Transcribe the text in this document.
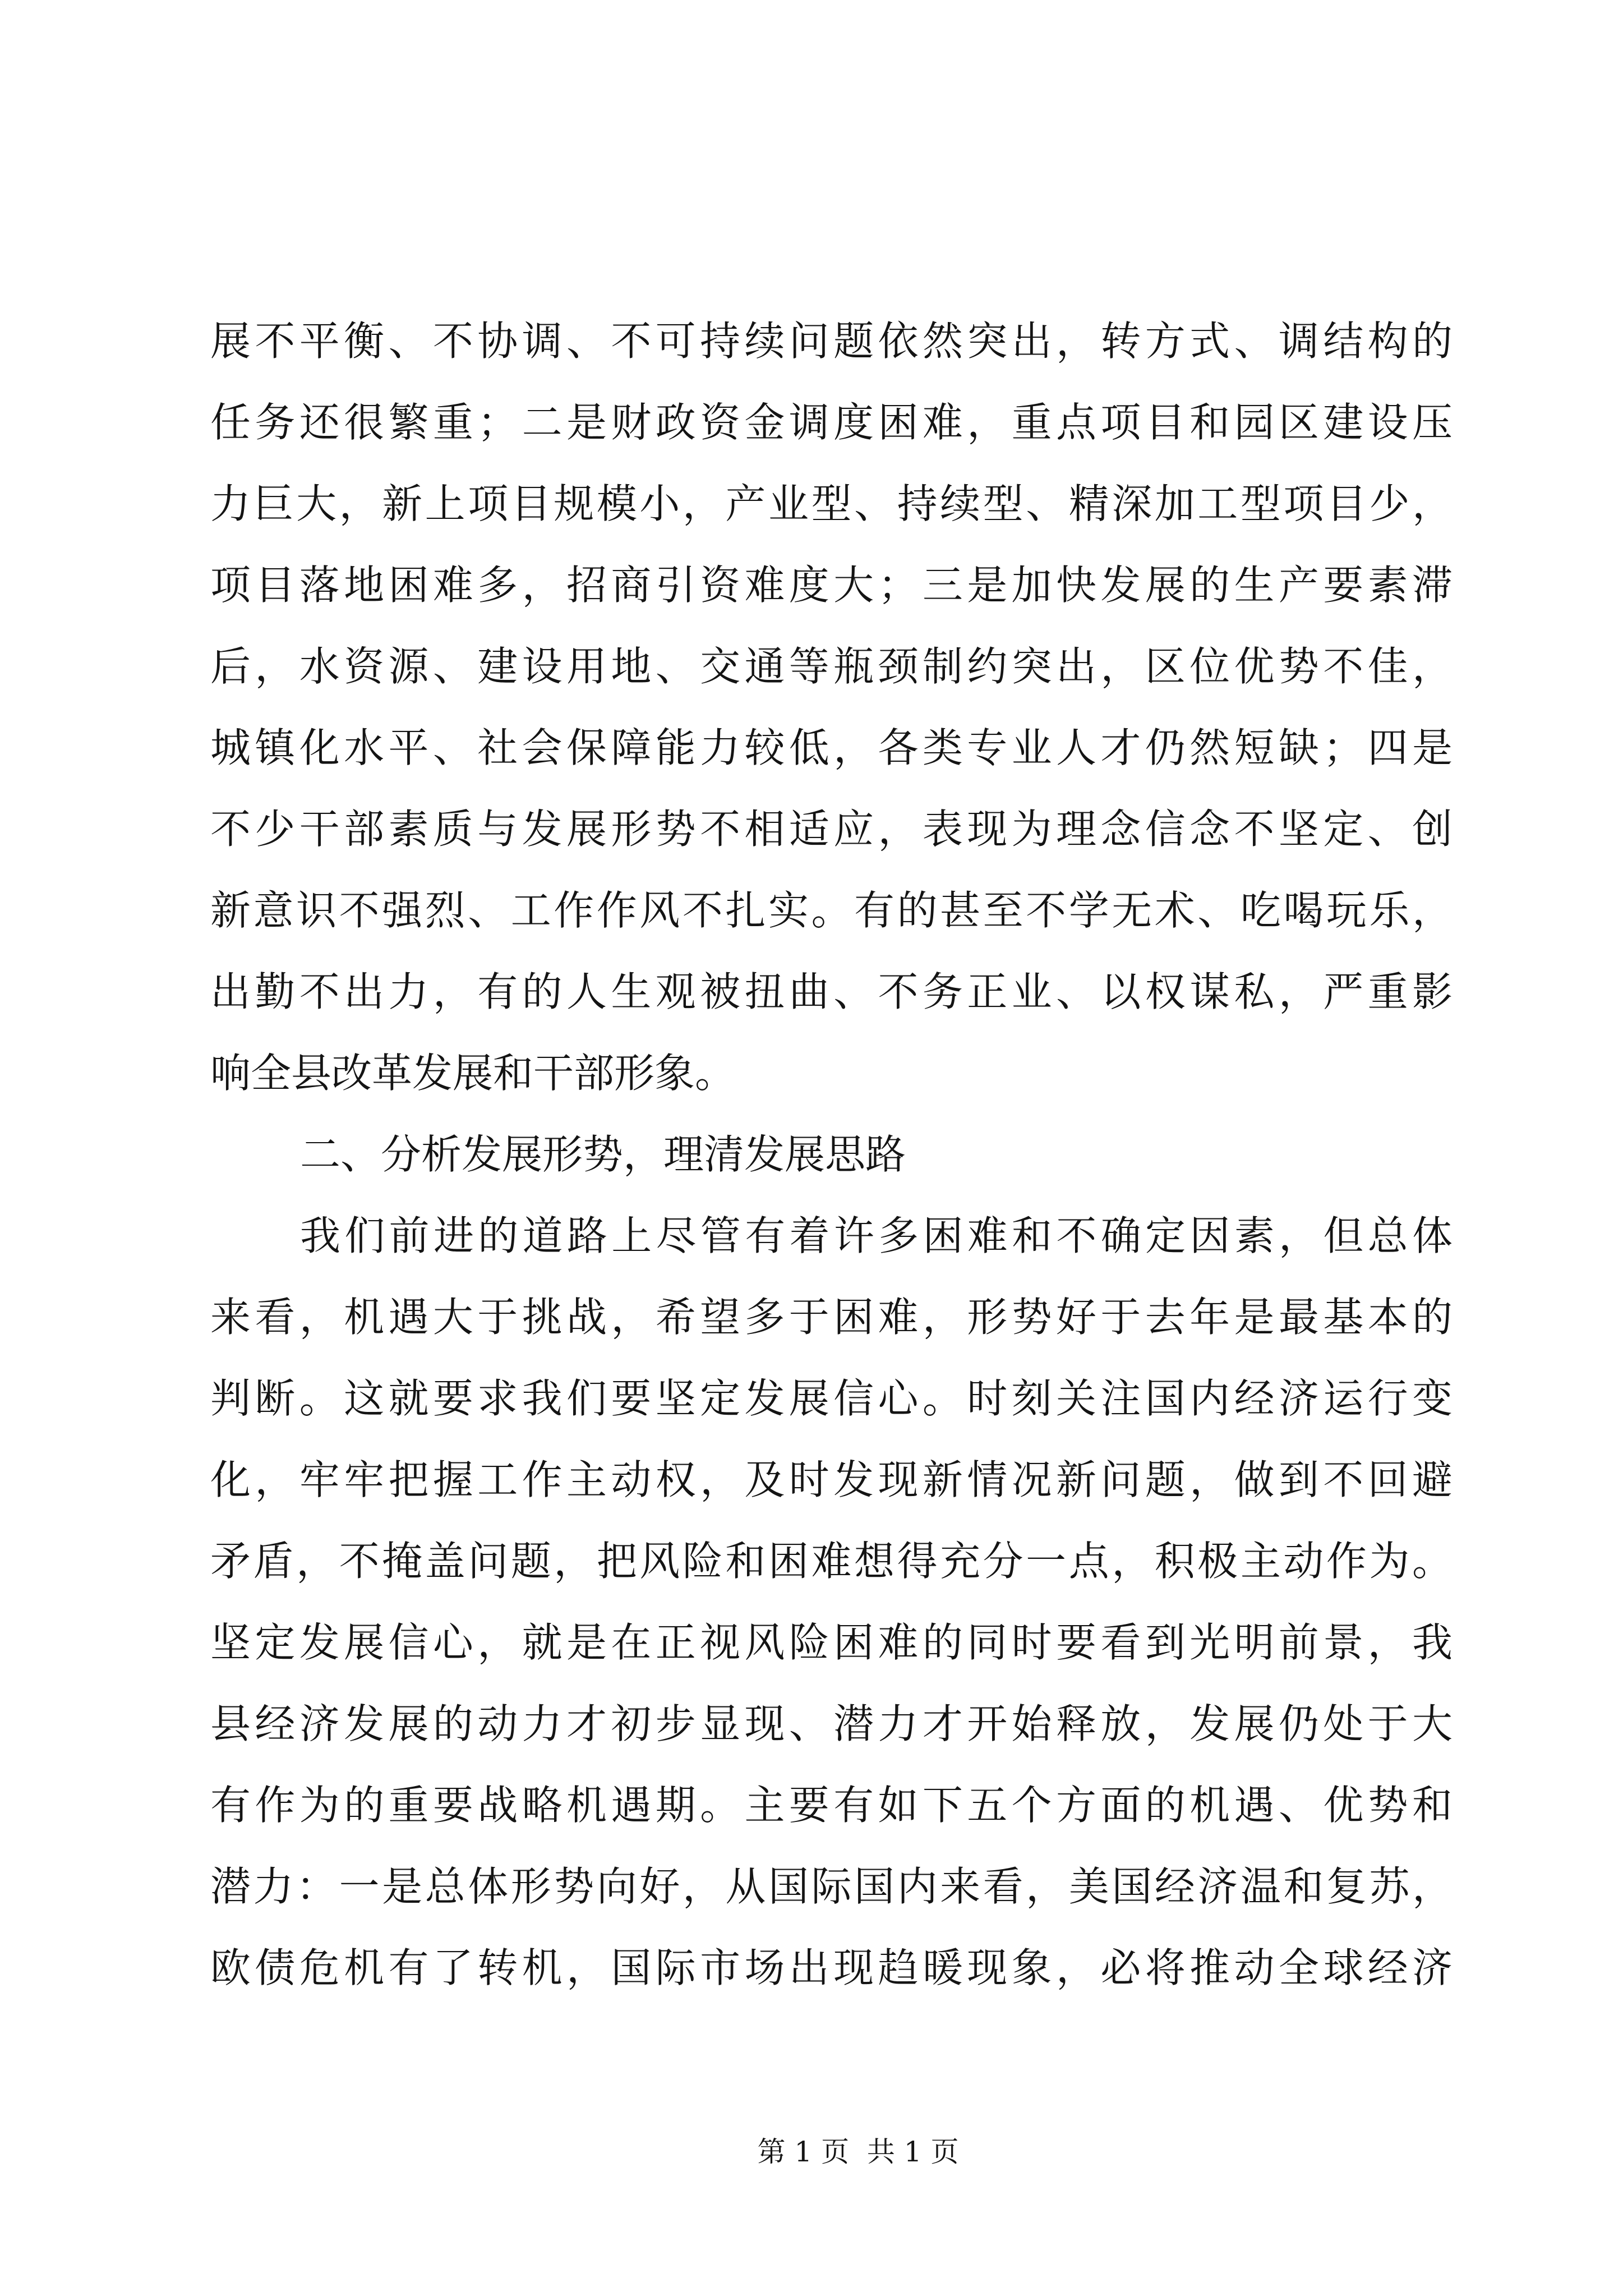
展不平衡、不协调、不可持续问题依然突出，转方式、调结构的
任务还很繁重；二是财政资金调度困难，重点项目和园区建设压
力巨大，新上项目规模小，产业型、持续型、精深加工型项目少，
项目落地困难多，招商引资难度大；三是加快发展的生产要素滞
后，水资源、建设用地、交通等瓶颈制约突出，区位优势不佳，
城镇化水平、社会保障能力较低，各类专业人才仍然短缺；四是
不少干部素质与发展形势不相适应，表现为理念信念不坚定、创
新意识不强烈、工作作风不扎实。有的甚至不学无术、吃喝玩乐，
出勤不出力，有的人生观被扭曲、不务正业、以权谋私，严重影
响全县改革发展和干部形象。
二、分析发展形势，理清发展思路
我们前进的道路上尽管有着许多困难和不确定因素，但总体
来看，机遇大于挑战，希望多于困难，形势好于去年是最基本的
判断。这就要求我们要坚定发展信心。时刻关注国内经济运行变
化，牢牢把握工作主动权，及时发现新情况新问题，做到不回避
矛盾，不掩盖问题，把风险和困难想得充分一点，积极主动作为。
坚定发展信心，就是在正视风险困难的同时要看到光明前景，我
县经济发展的动力才初步显现、潜力才开始释放，发展仍处于大
有作为的重要战略机遇期。主要有如下五个方面的机遇、优势和
潜力：一是总体形势向好，从国际国内来看，美国经济温和复苏，
欧债危机有了转机，国际市场出现趋暖现象，必将推动全球经济
第 1 页  共 1 页
